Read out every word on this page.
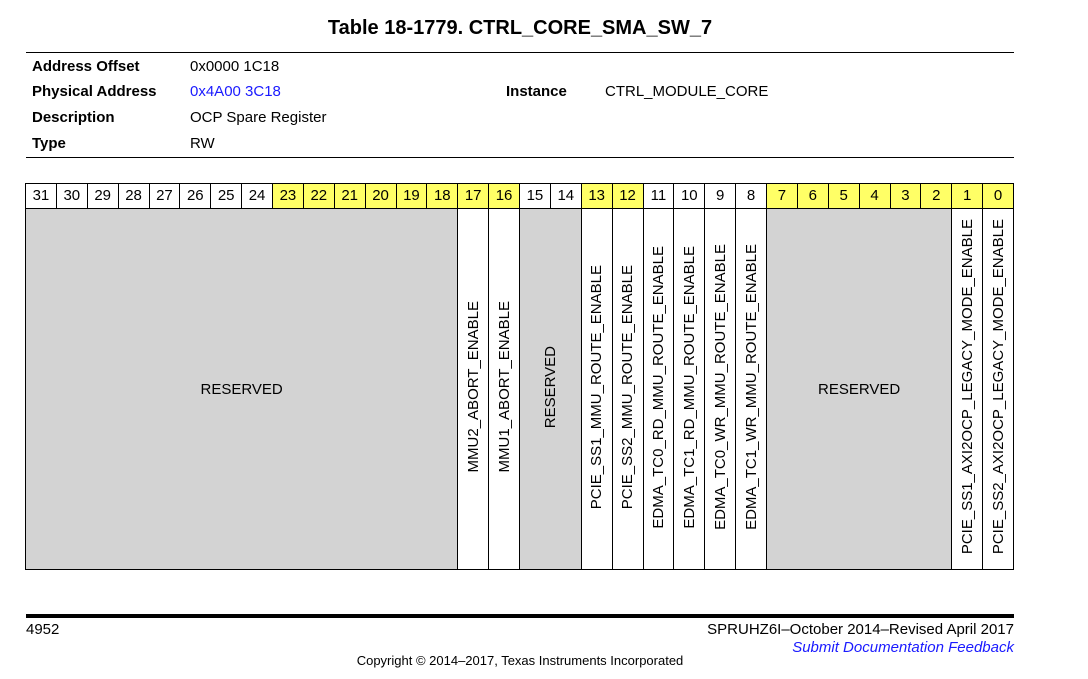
Table 18-1779. CTRL_CORE_SMA_SW_7
Address Offset	0x0000 1C18
Physical Address 0x4A00 3C18	Instance	CTRL_MODULE_CORE
Description	OCP Spare Register
Type	RW
31	30	29	28	27	26	25	24	23	22	21	20	19	18	17	16	15	14	13	12	11	10	9	8	7	6	5	4	3	2	1	0
RESERVED														MMU2_ABORT_ENABLE	MMU1_ABORT_ENABLE	RESERVED		PCIE_SS1_MMU_ROUTE_ENABLE	PCIE_SS2_MMU_ROUTE_ENABLE	EDMA_TC0_RD_MMU_ROUTE_ENABLE	EDMA_TC1_RD_MMU_ROUTE_ENABLE	EDMA_TC0_WR_MMU_ROUTE_ENABLE	EDMA_TC1_WR_MMU_ROUTE_ENABLE	RESERVED						PCIE_SS1_AXI2OCP_LEGACY_MODE_ENABLE	PCIE_SS2_AXI2OCP_LEGACY_MODE_ENABLE
4952	SPRUHZ6I–October 2014–Revised April 2017
Submit Documentation Feedback
Copyright © 2014–2017, Texas Instruments Incorporated
